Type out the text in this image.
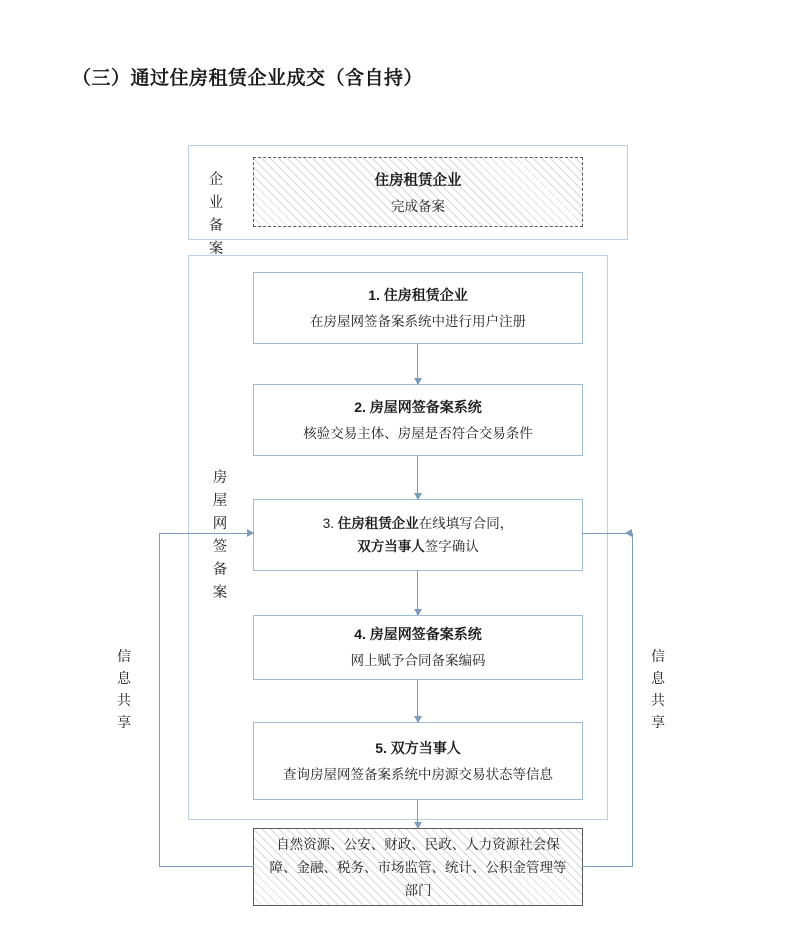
（三）通过住房租赁企业成交（含自持）
企业
备案
房
屋
网
签
备
案
住房租赁企业
完成备案
1. 住房租赁企业
在房屋网签备案系统中进行用户注册
2. 房屋网签备案系统
核验交易主体、房屋是否符合交易条件
3. 住房租赁企业在线填写合同，
双方当事人签字确认
4. 房屋网签备案系统
网上赋予合同备案编码
5. 双方当事人
查询房屋网签备案系统中房源交易状态等信息
自然资源、公安、财政、民政、人力资源社会保障、金融、税务、市场监管、统计、公积金管理等部门
信
息
共
享
信
息
共
享
